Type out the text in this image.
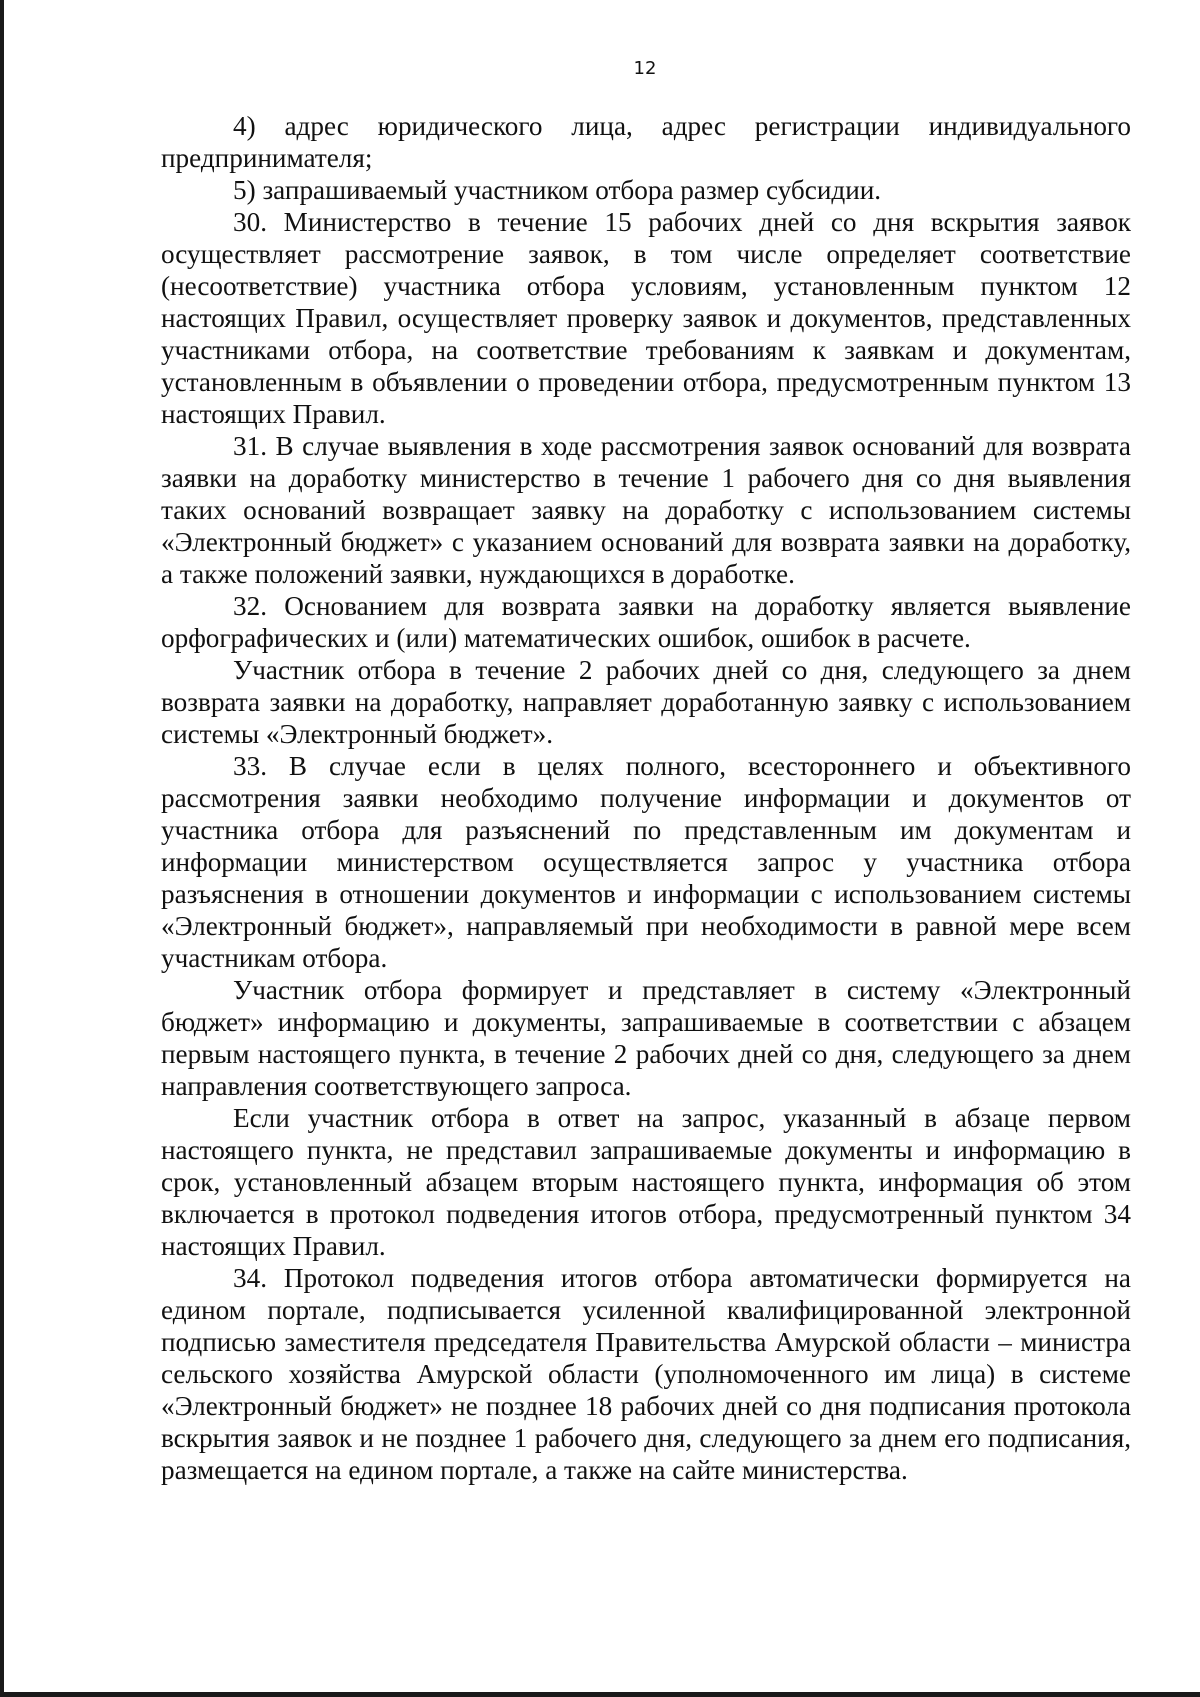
12

4) адрес юридического лица, адрес регистрации индивидуального предпринимателя;

5) запрашиваемый участником отбора размер субсидии.

30. Министерство в течение 15 рабочих дней со дня вскрытия заявок осуществляет рассмотрение заявок, в том числе определяет соответствие (несоответствие) участника отбора условиям, установленным пунктом 12 настоящих Правил, осуществляет проверку заявок и документов, представленных участниками отбора, на соответствие требованиям к заявкам и документам, установленным в объявлении о проведении отбора, предусмотренным пунктом 13 настоящих Правил.

31. В случае выявления в ходе рассмотрения заявок оснований для возврата заявки на доработку министерство в течение 1 рабочего дня со дня выявления таких оснований возвращает заявку на доработку с использованием системы «Электронный бюджет» с указанием оснований для возврата заявки на доработку, а также положений заявки, нуждающихся в доработке.

32. Основанием для возврата заявки на доработку является выявление орфографических и (или) математических ошибок, ошибок в расчете.

Участник отбора в течение 2 рабочих дней со дня, следующего за днем возврата заявки на доработку, направляет доработанную заявку с использованием системы «Электронный бюджет».

33. В случае если в целях полного, всестороннего и объективного рассмотрения заявки необходимо получение информации и документов от участника отбора для разъяснений по представленным им документам и информации министерством осуществляется запрос у участника отбора разъяснения в отношении документов и информации с использованием системы «Электронный бюджет», направляемый при необходимости в равной мере всем участникам отбора.

Участник отбора формирует и представляет в систему «Электронный бюджет» информацию и документы, запрашиваемые в соответствии с абзацем первым настоящего пункта, в течение 2 рабочих дней со дня, следующего за днем направления соответствующего запроса.

Если участник отбора в ответ на запрос, указанный в абзаце первом настоящего пункта, не представил запрашиваемые документы и информацию в срок, установленный абзацем вторым настоящего пункта, информация об этом включается в протокол подведения итогов отбора, предусмотренный пунктом 34 настоящих Правил.

34. Протокол подведения итогов отбора автоматически формируется на едином портале, подписывается усиленной квалифицированной электронной подписью заместителя председателя Правительства Амурской области – министра сельского хозяйства Амурской области (уполномоченного им лица) в системе «Электронный бюджет» не позднее 18 рабочих дней со дня подписания протокола вскрытия заявок и не позднее 1 рабочего дня, следующего за днем его подписания, размещается на едином портале, а также на сайте министерства.
